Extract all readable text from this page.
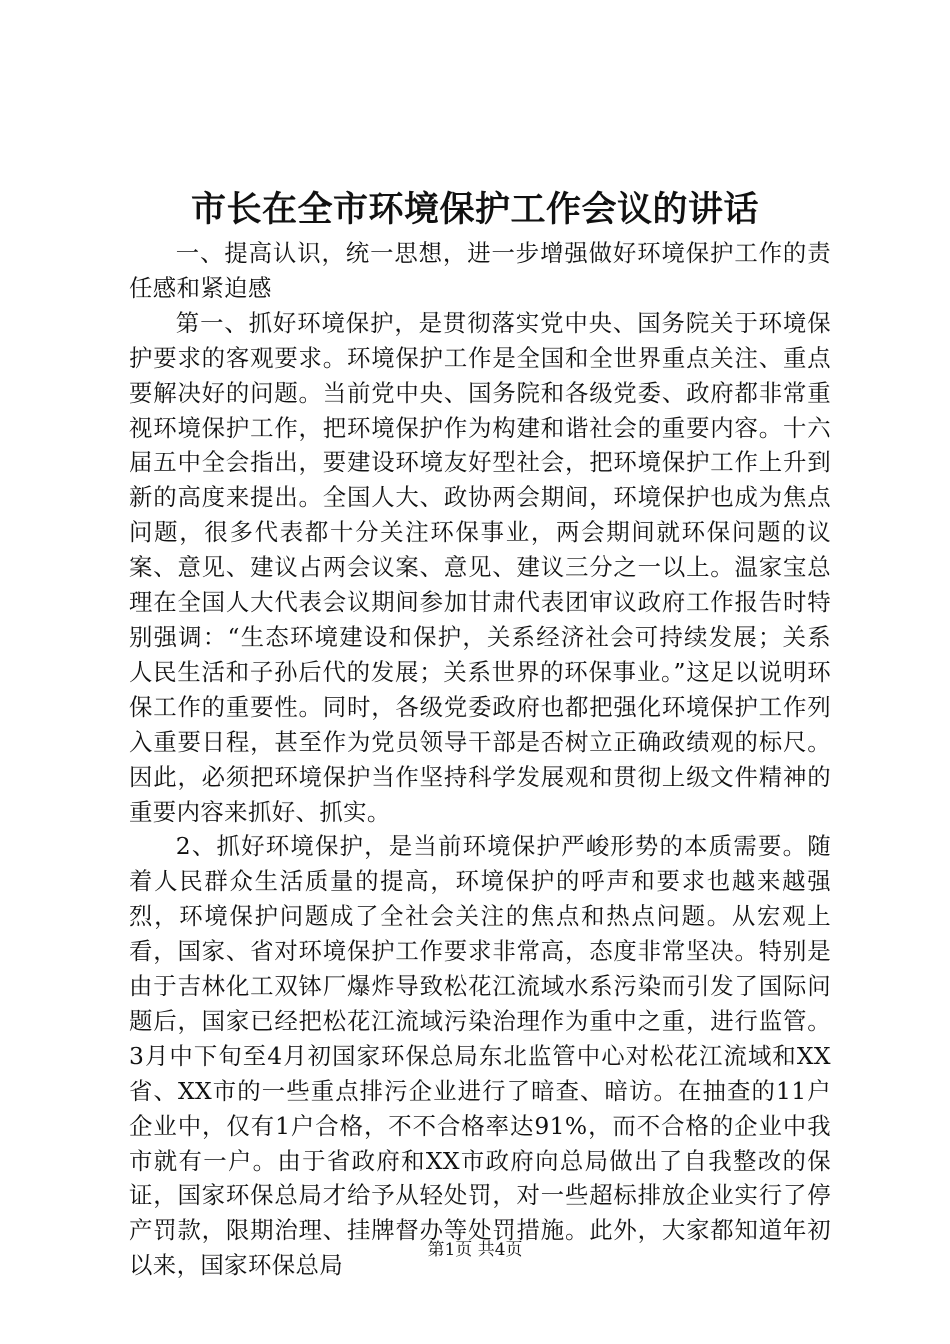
市长在全市环境保护工作会议的讲话

一、提高认识，统一思想，进一步增强做好环境保护工作的责任感和紧迫感

第一、抓好环境保护，是贯彻落实党中央、国务院关于环境保护要求的客观要求。环境保护工作是全国和全世界重点关注、重点要解决好的问题。当前党中央、国务院和各级党委、政府都非常重视环境保护工作，把环境保护作为构建和谐社会的重要内容。十六届五中全会指出，要建设环境友好型社会，把环境保护工作上升到新的高度来提出。全国人大、政协两会期间，环境保护也成为焦点问题，很多代表都十分关注环保事业，两会期间就环保问题的议案、意见、建议占两会议案、意见、建议三分之一以上。温家宝总理在全国人大代表会议期间参加甘肃代表团审议政府工作报告时特别强调：“生态环境建设和保护，关系经济社会可持续发展；关系人民生活和子孙后代的发展；关系世界的环保事业。”这足以说明环保工作的重要性。同时，各级党委政府也都把强化环境保护工作列入重要日程，甚至作为党员领导干部是否树立正确政绩观的标尺。因此，必须把环境保护当作坚持科学发展观和贯彻上级文件精神的重要内容来抓好、抓实。

2、抓好环境保护，是当前环境保护严峻形势的本质需要。随着人民群众生活质量的提高，环境保护的呼声和要求也越来越强烈，环境保护问题成了全社会关注的焦点和热点问题。从宏观上看，国家、省对环境保护工作要求非常高，态度非常坚决。特别是由于吉林化工双钵厂爆炸导致松花江流域水系污染而引发了国际问题后，国家已经把松花江流域污染治理作为重中之重，进行监管。3月中下旬至4月初国家环保总局东北监管中心对松花江流域和XX省、XX市的一些重点排污企业进行了暗查、暗访。在抽查的11户企业中，仅有1户合格，不不合格率达91%，而不合格的企业中我市就有一户。由于省政府和XX市政府向总局做出了自我整改的保证，国家环保总局才给予从轻处罚，对一些超标排放企业实行了停产罚款，限期治理、挂牌督办等处罚措施。此外，大家都知道年初以来，国家环保总局

第1页 共4页
